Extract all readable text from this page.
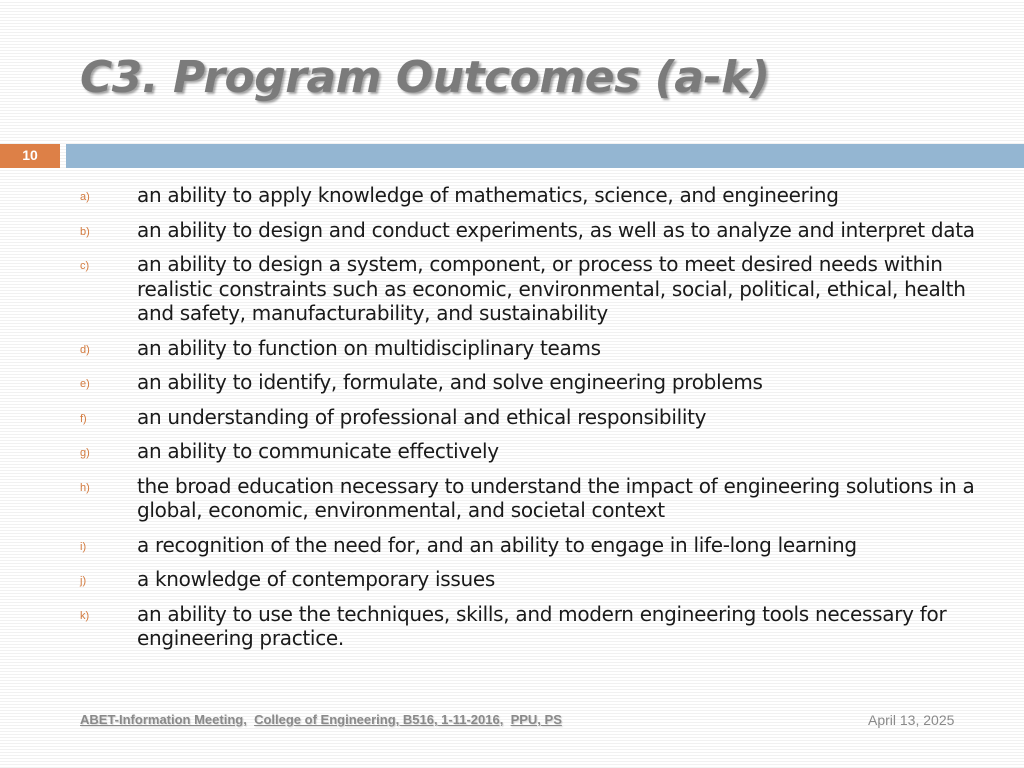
C3. Program Outcomes (a-k)
10
a) an ability to apply knowledge of mathematics, science, and engineering
b) an ability to design and conduct experiments, as well as to analyze and interpret data
c) an ability to design a system, component, or process to meet desired needs within realistic constraints such as economic, environmental, social, political, ethical, health and safety, manufacturability, and sustainability
d) an ability to function on multidisciplinary teams
e) an ability to identify, formulate, and solve engineering problems
f)	an understanding of professional and ethical responsibility
g) an ability to communicate effectively
h) the broad education necessary to understand the impact of engineering solutions in a global, economic, environmental, and societal context
i)	a recognition of the need for, and an ability to engage in life-long learning
j)	a knowledge of contemporary issues
k) an ability to use the techniques, skills, and modern engineering tools necessary for engineering practice.
ABET-Information Meeting, College of Engineering, B516, 1-11-2016, PPU, PS	April 13, 2025
